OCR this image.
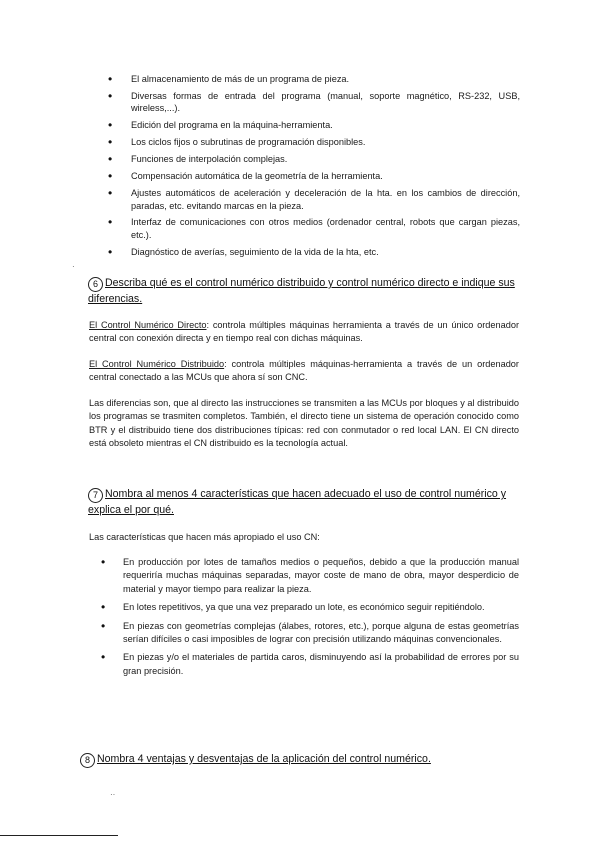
• El almacenamiento de más de un programa de pieza.
• Diversas formas de entrada del programa (manual, soporte magnético, RS-232, USB, wireless,...).
• Edición del programa en la máquina-herramienta.
• Los ciclos fijos o subrutinas de programación disponibles.
• Funciones de interpolación complejas.
• Compensación automática de la geometría de la herramienta.
• Ajustes automáticos de aceleración y deceleración de la hta. en los cambios de dirección, paradas, etc. evitando marcas en la pieza.
• Interfaz de comunicaciones con otros medios (ordenador central, robots que cargan piezas, etc.).
• Diagnóstico de averías, seguimiento de la vida de la hta, etc.
·
6 Describa qué es el control numérico distribuido y control numérico directo e indique sus diferencias.
El Control Numérico Directo: controla múltiples máquinas herramienta a través de un único ordenador central con conexión directa y en tiempo real con dichas máquinas.
El Control Numérico Distribuido: controla múltiples máquinas-herramienta a través de un ordenador central conectado a las MCUs que ahora sí son CNC.
Las diferencias son, que al directo las instrucciones se transmiten a las MCUs por bloques y al distribuido los programas se trasmiten completos. También, el directo tiene un sistema de operación conocido como BTR y el distribuido tiene dos distribuciones típicas: red con conmutador o red local LAN. El CN directo está obsoleto mientras el CN distribuido es la tecnología actual.
7 Nombra al menos 4 características que hacen adecuado el uso de control numérico y explica el por qué.
Las características que hacen más apropiado el uso CN:
• En producción por lotes de tamaños medios o pequeños, debido a que la producción manual requeriría muchas máquinas separadas, mayor coste de mano de obra, mayor desperdicio de material y mayor tiempo para realizar la pieza.
• En lotes repetitivos, ya que una vez preparado un lote, es económico seguir repitiéndolo.
• En piezas con geometrías complejas (álabes, rotores, etc.), porque alguna de estas geometrías serían difíciles o casi imposibles de lograr con precisión utilizando máquinas convencionales.
• En piezas y/o el materiales de partida caros, disminuyendo así la probabilidad de errores por su gran precisión.
8 Nombra 4 ventajas y desventajas de la aplicación del control numérico.
··
